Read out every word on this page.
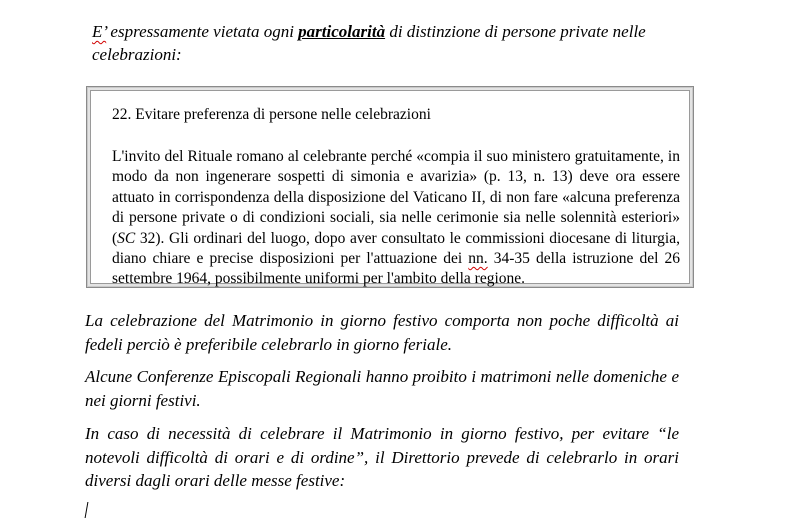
E’ espressamente vietata ogni particolarità di distinzione di persone private nelle celebrazioni:
22. Evitare preferenza di persone nelle celebrazioni
L'invito del Rituale romano al celebrante perché «compia il suo ministero gratuitamente, in modo da non ingenerare sospetti di simonia e avarizia» (p. 13, n. 13) deve ora essere attuato in corrispondenza della disposizione del Vaticano II, di non fare «alcuna preferenza di persone private o di condizioni sociali, sia nelle cerimonie sia nelle solennità esteriori» (SC 32). Gli ordinari del luogo, dopo aver consultato le commissioni diocesane di liturgia, diano chiare e precise disposizioni per l'attuazione dei nn. 34-35 della istruzione del 26 settembre 1964, possibilmente uniformi per l'ambito della regione.
La celebrazione del Matrimonio in giorno festivo comporta non poche difficoltà ai fedeli perciò è preferibile celebrarlo in giorno feriale.
Alcune Conferenze Episcopali Regionali hanno proibito i matrimoni nelle domeniche e nei giorni festivi.
In caso di necessità di celebrare il Matrimonio in giorno festivo, per evitare “le notevoli difficoltà di orari e di ordine”, il Direttorio prevede di celebrarlo in orari diversi dagli orari delle messe festive:
